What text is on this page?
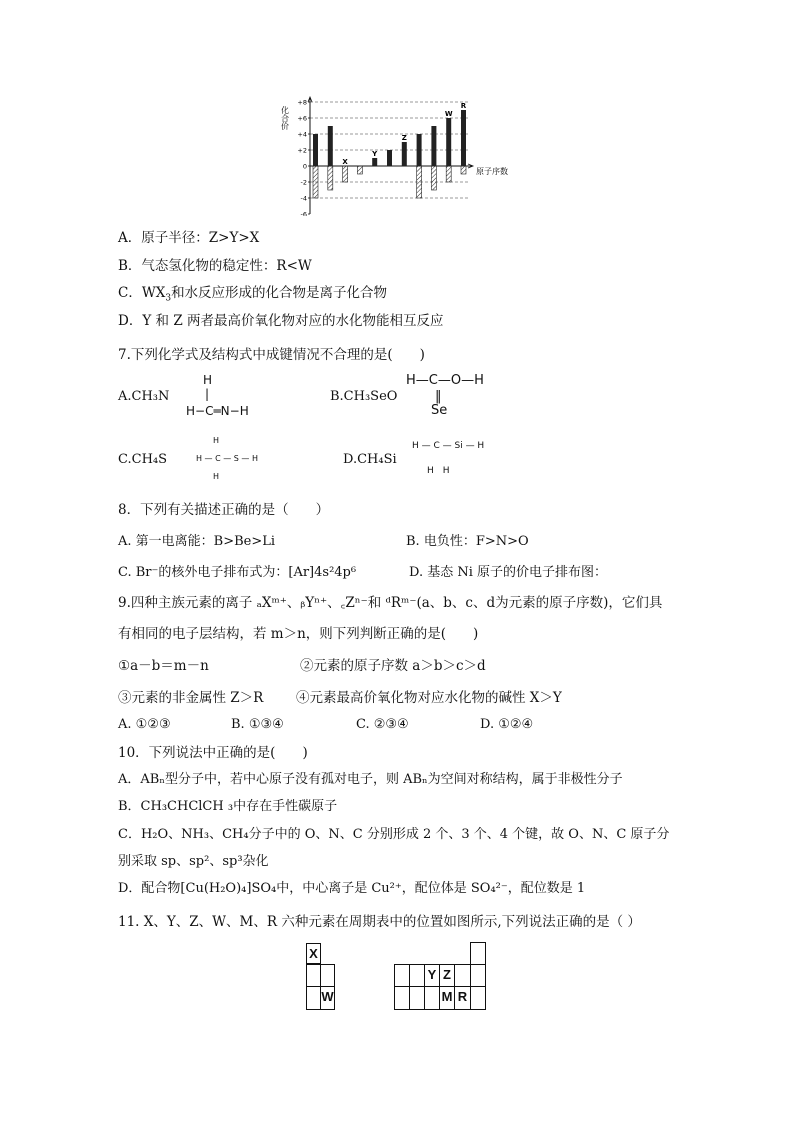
化合价
原子序数
+8
+6
+4
+2
0
-2
-4
-6
X
Y
Z
W
R
A．原子半径：Z>Y>X
B．气态氢化物的稳定性：R<W
C．$WX_3$和水反应形成的化合物是离子化合物
D．Y 和 Z 两者最高价氧化物对应的水化物能相互反应
7.下列化学式及结构式中成键情况不合理的是(　　)
A.CH₃N
H
|
H−C═N−H
B.CH₃SeO
H—C—O—H
‖
Se
C.CH₄S
H
H — C — S — H
H
D.CH₄Si
H — C — Si — H
H　H
8．下列有关描述正确的是（　　）
A. 第一电离能：B>Be>Li	B. 电负性：F>N>O
C. Br⁻的核外电子排布式为：[Ar]4s²4p⁶	D. 基态 Ni 原子的价电子排布图：
9.四种主族元素的离子 ₐXᵐ⁺、ᵦYⁿ⁺、꜀Zⁿ⁻和 ᵈRᵐ⁻(a、b、c、d为元素的原子序数)，它们具
有相同的电子层结构，若 m＞n，则下列判断正确的是(　　)
①a－b＝m－n	②元素的原子序数 a＞b＞c＞d
③元素的非金属性 Z＞R ④元素最高价氧化物对应水化物的碱性 X＞Y
A. ①②③	B. ①③④	C. ②③④	D. ①②④
10．下列说法中正确的是(　　)
A．ABₙ型分子中，若中心原子没有孤对电子，则 ABₙ为空间对称结构，属于非极性分子
B．CH₃CHClCH ₃中存在手性碳原子
C．H₂O、NH₃、CH₄分子中的 O、N、C 分别形成 2 个、3 个、4 个键，故 O、N、C 原子分
别采取 sp、sp²、sp³杂化
D．配合物[Cu(H₂O)₄]SO₄中，中心离子是 Cu²⁺，配位体是 SO₄²⁻，配位数是 1
11. X、Y、Z、W、M、R 六种元素在周期表中的位置如图所示,下列说法正确的是（ ）
X
W
Y Z
M R
